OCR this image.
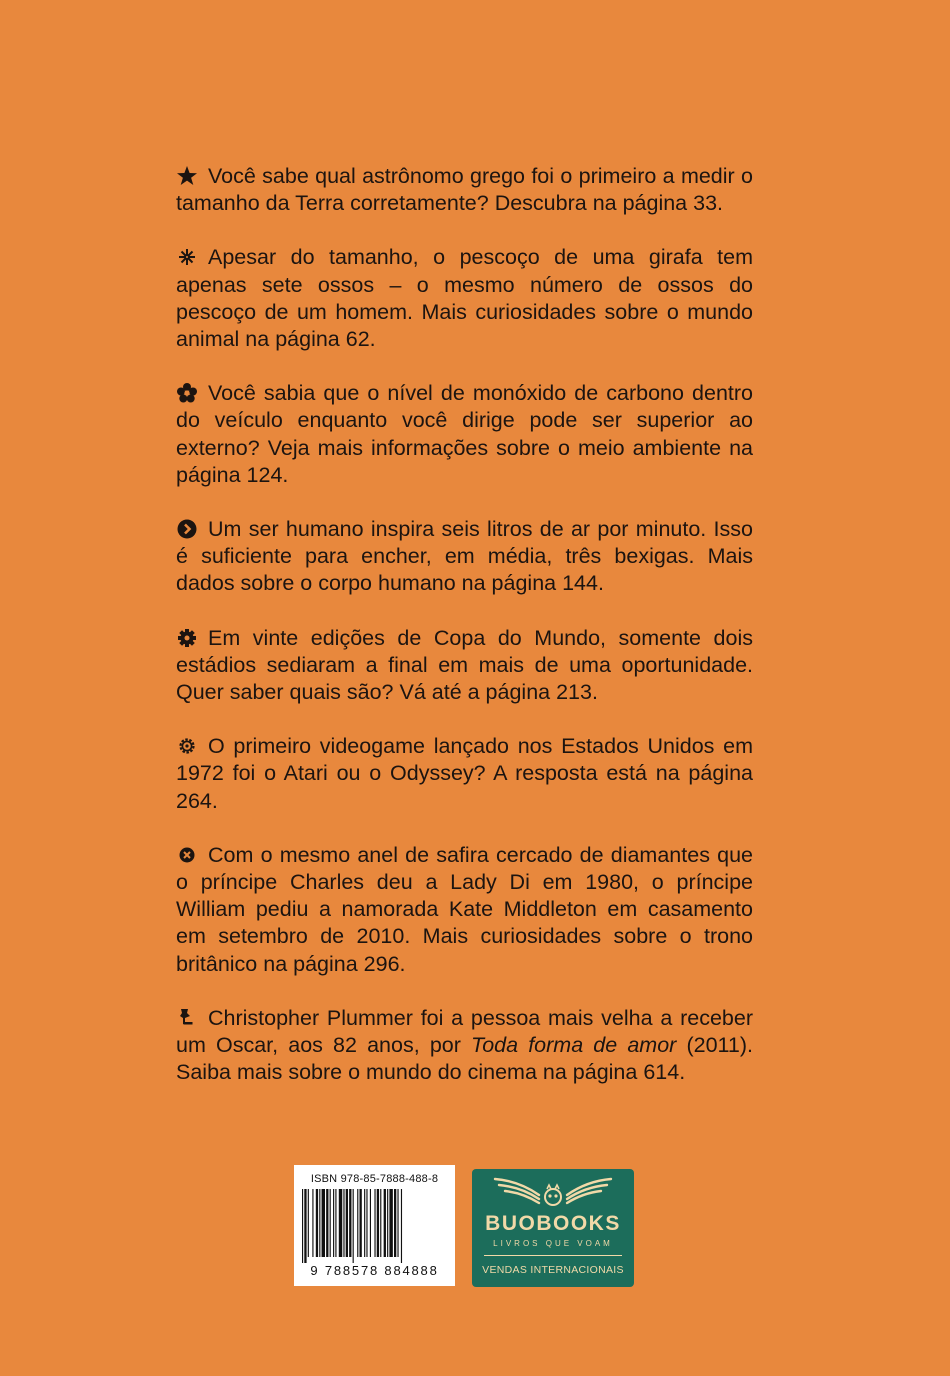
Você sabe qual astrônomo grego foi o primeiro a medir o tamanho da Terra corretamente? Descubra na página 33.

Apesar do tamanho, o pescoço de uma girafa tem apenas sete ossos – o mesmo número de ossos do pescoço de um homem. Mais curiosidades sobre o mundo animal na página 62.

Você sabia que o nível de monóxido de carbono dentro do veículo enquanto você dirige pode ser superior ao externo? Veja mais informações sobre o meio ambiente na página 124.

Um ser humano inspira seis litros de ar por minuto. Isso é suficiente para encher, em média, três bexigas. Mais dados sobre o corpo humano na página 144.

Em vinte edições de Copa do Mundo, somente dois estádios sediaram a final em mais de uma oportunidade. Quer saber quais são? Vá até a página 213.

O primeiro videogame lançado nos Estados Unidos em 1972 foi o Atari ou o Odyssey? A resposta está na página 264.

Com o mesmo anel de safira cercado de diamantes que o príncipe Charles deu a Lady Di em 1980, o príncipe William pediu a namorada Kate Middleton em casamento em setembro de 2010. Mais curiosidades sobre o trono britânico na página 296.

Christopher Plummer foi a pessoa mais velha a receber um Oscar, aos 82 anos, por Toda forma de amor (2011). Saiba mais sobre o mundo do cinema na página 614.

ISBN 978-85-7888-488-8
9 788578 884888
BUOBOOKS
LIVROS QUE VOAM
VENDAS INTERNACIONAIS
